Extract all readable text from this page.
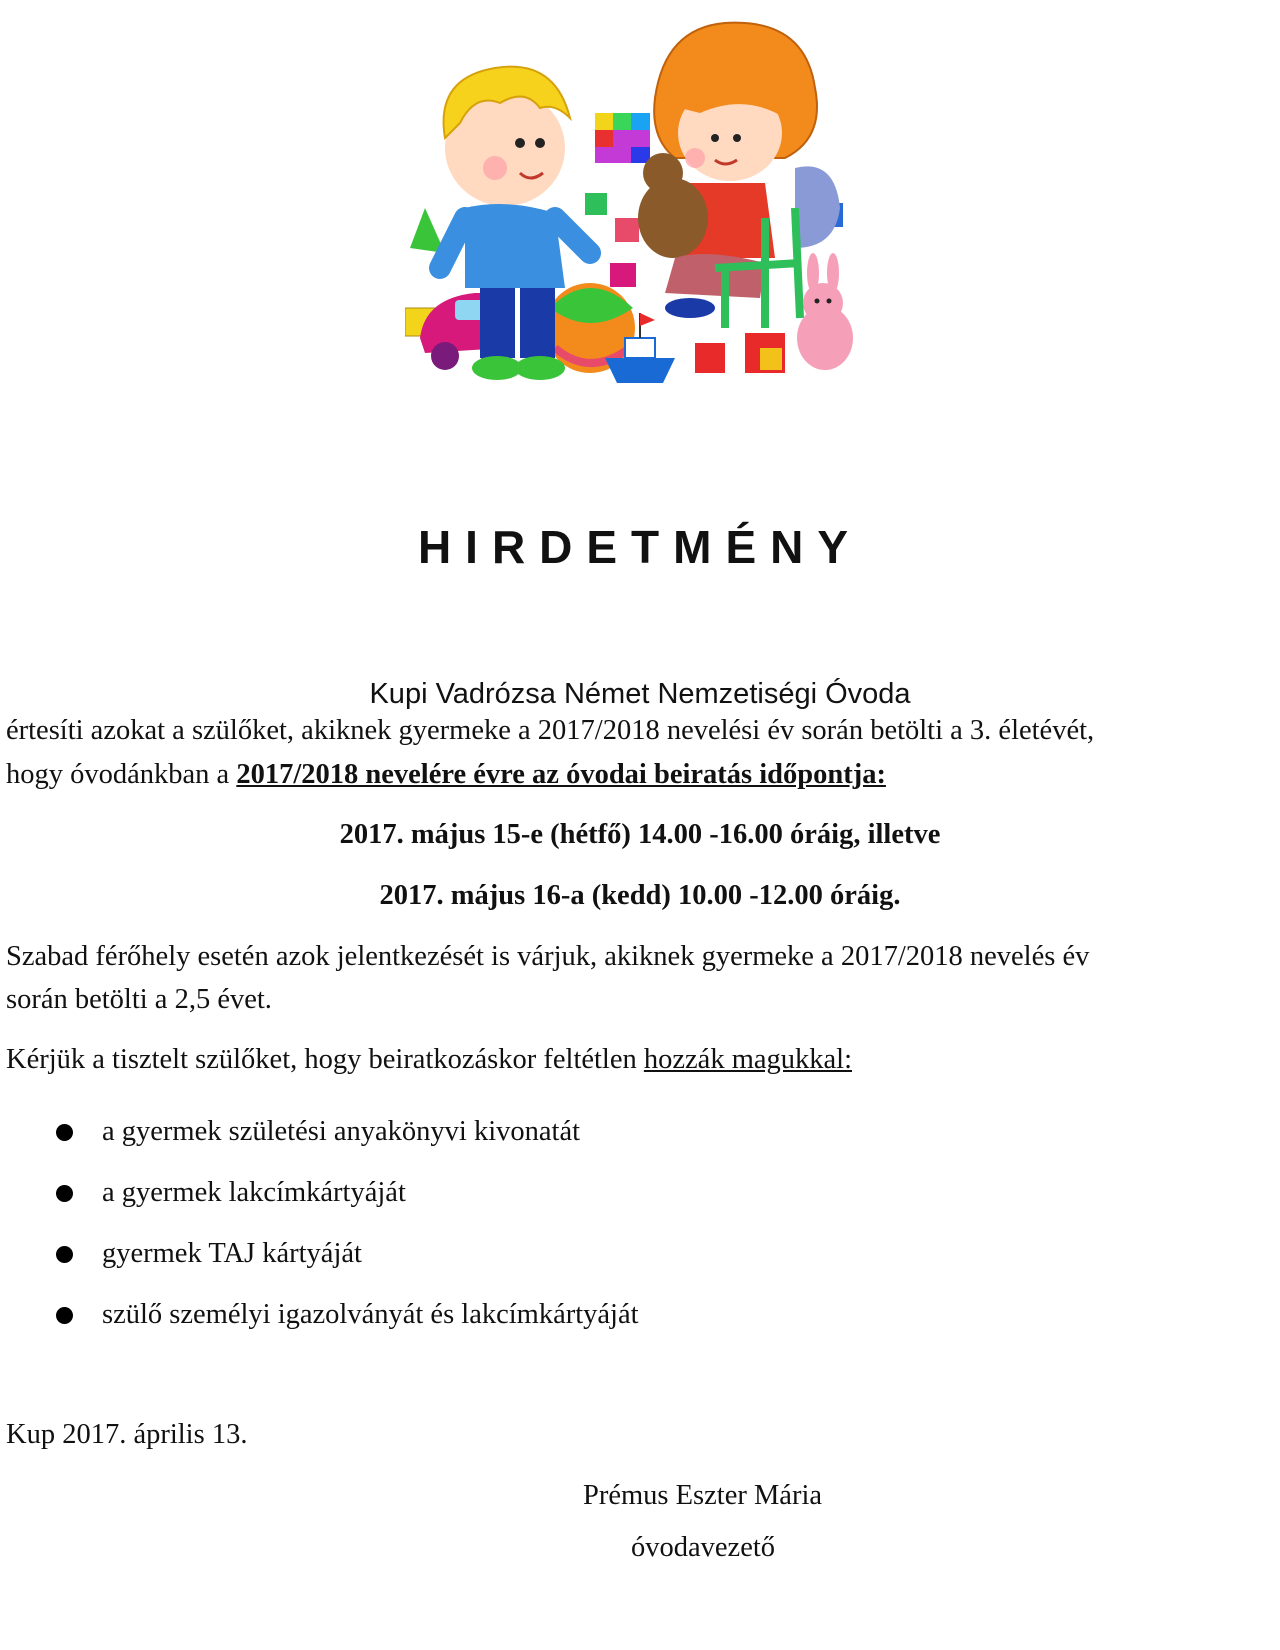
HIRDETMÉNY
Kupi Vadrózsa Német Nemzetiségi Óvoda
értesíti azokat a szülőket, akiknek gyermeke a 2017/2018 nevelési év során betölti a 3. életévét,
hogy óvodánkban a 2017/2018 nevelére évre az óvodai beiratás időpontja:
2017. május 15-e (hétfő) 14.00 -16.00 óráig, illetve
2017. május 16-a (kedd) 10.00 -12.00 óráig.
Szabad férőhely esetén azok jelentkezését is várjuk, akiknek gyermeke a 2017/2018 nevelés év
során betölti a 2,5 évet.
Kérjük a tisztelt szülőket, hogy beiratkozáskor feltétlen hozzák magukkal:
a gyermek születési anyakönyvi kivonatát
a gyermek lakcímkártyáját
gyermek TAJ kártyáját
szülő személyi igazolványát és lakcímkártyáját
Kup 2017. április 13.
Prémus Eszter Mária
óvodavezető
